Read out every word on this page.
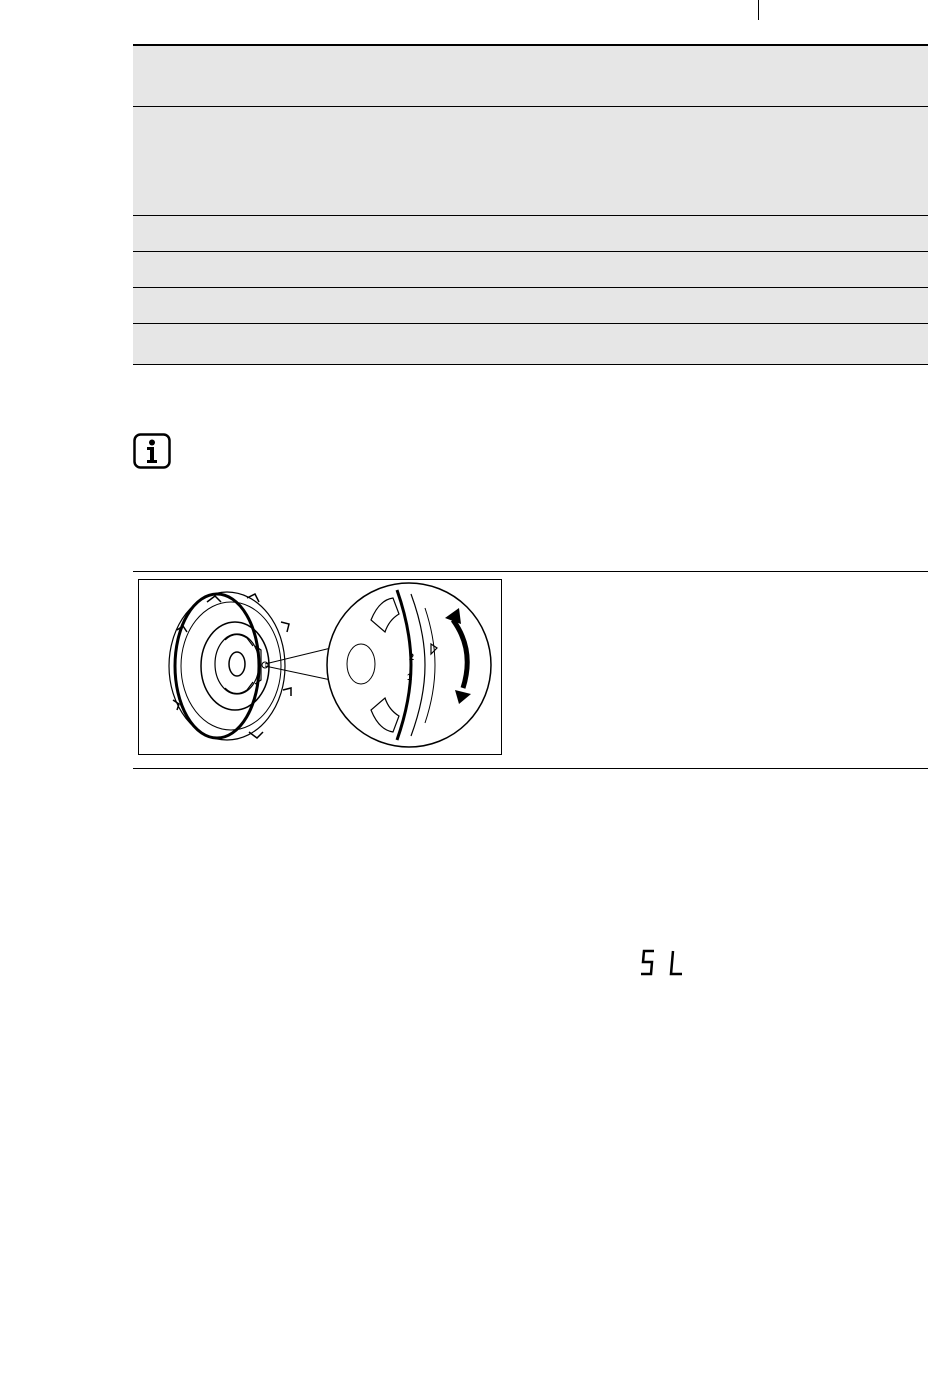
2
1
